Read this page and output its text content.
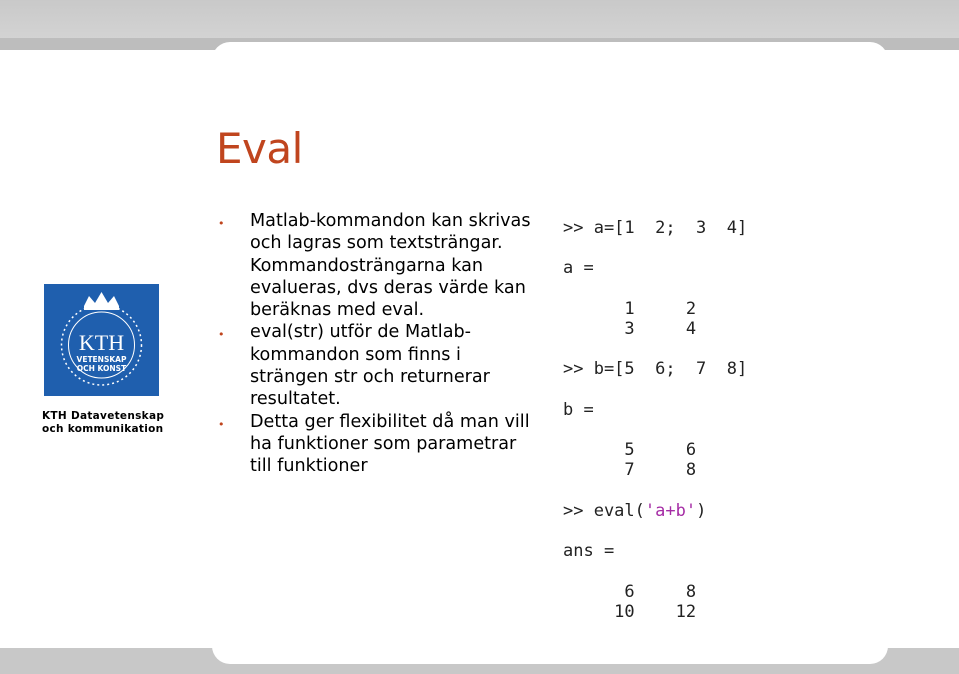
KTH
VETENSKAP
OCH KONST
KTH Datavetenskap
och kommunikation
Eval
• Matlab-kommandon kan skrivas och lagras som textsträngar. Kommandosträngarna kan evalueras, dvs deras värde kan beräknas med eval.
• eval(str) utför de Matlab-kommandon som finns i strängen str och returnerar resultatet.
• Detta ger flexibilitet då man vill ha funktioner som parametrar till funktioner
>> a=[1  2;  3  4]

a =

1     2
3     4

>> b=[5  6;  7  8]

b =

5     6
7     8

>> eval('a+b')

ans =

6     8
10    12
